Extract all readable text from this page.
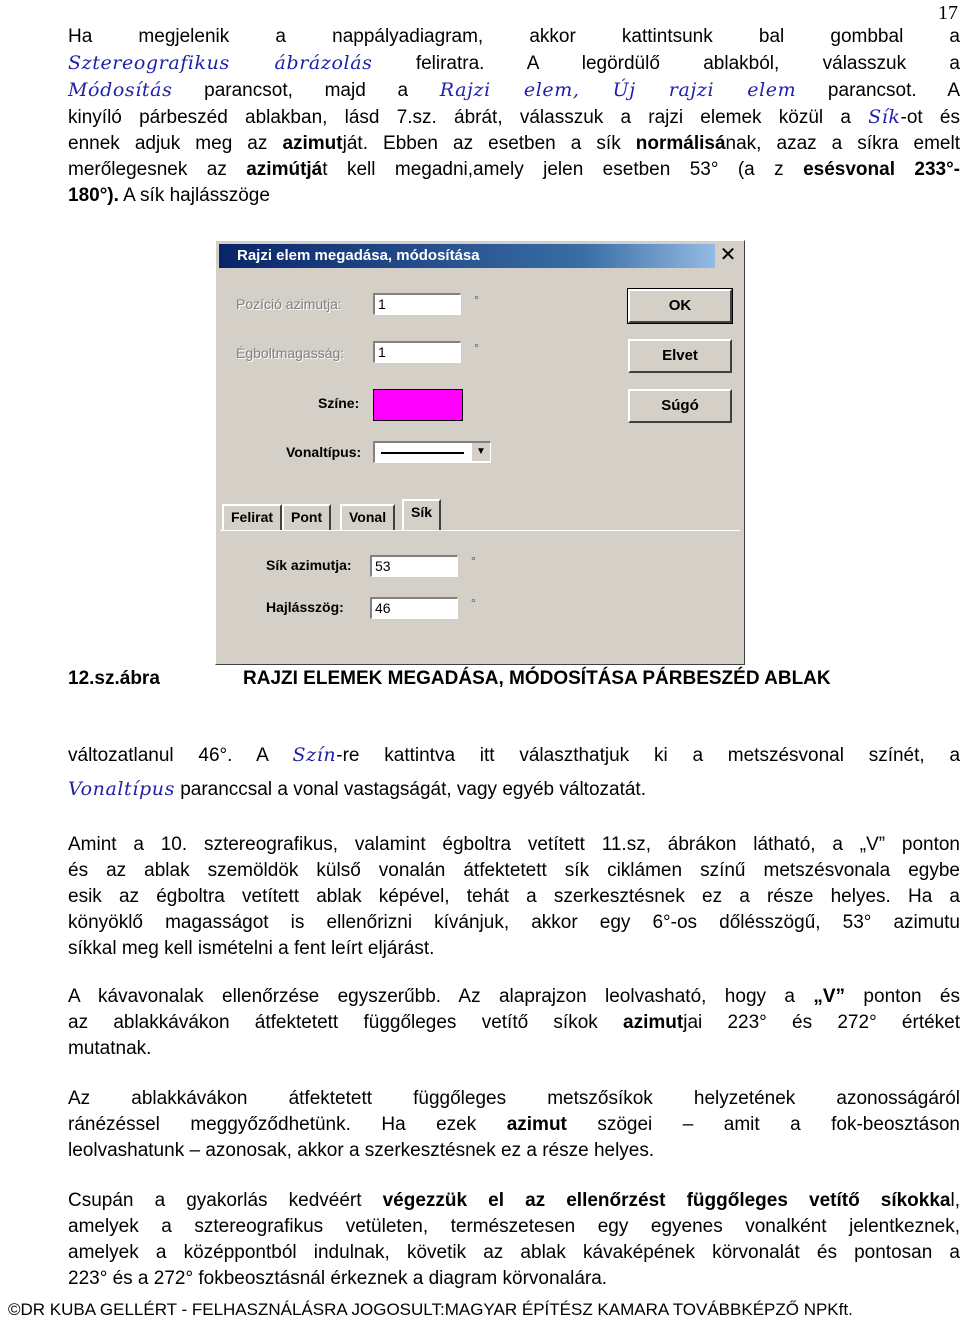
17
Ha megjelenik a nappályadiagram, akkor kattintsunk bal gombbal a
Sztereografikus ábrázolás feliratra. A legördülő ablakból, válasszuk a
Módosítás parancsot, majd a Rajzi elem, Új rajzi elem parancsot. A
kinyíló párbeszéd ablakban, lásd 7.sz. ábrát, válasszuk a rajzi elemek közül a Sík-ot és
ennek adjuk meg az azimutját. Ebben az esetben a sík normálisának, azaz a síkra emelt
merőlegesnek az azimútját kell megadni,amely jelen esetben 53° (a z esésvonal 233°-
180°). A sík hajlásszöge
Rajzi elem megadása, módosítása	✕
Pozíció azimutja:	1	°
Égboltmagasság:	1	°
Színe:
Vonaltípus:	▼
OK
Elvet
Súgó
Felirat	Pont	Vonal	Sík
Sík azimutja:	53	°
Hajlásszög:	46	°
12.sz.ábra	RAJZI ELEMEK MEGADÁSA, MÓDOSÍTÁSA PÁRBESZÉD ABLAK
változatlanul 46°. A Szín-re kattintva itt választhatjuk ki a metszésvonal színét, a
Vonaltípus paranccsal a vonal vastagságát, vagy egyéb változatát.
Amint a 10. sztereografikus, valamint égboltra vetített 11.sz, ábrákon látható, a „V” ponton
és az ablak szemöldök külső vonalán átfektetett sík ciklámen színű metszésvonala egybe
esik az égboltra vetített ablak képével, tehát a szerkesztésnek ez a része helyes. Ha a
könyöklő magasságot is ellenőrizni kívánjuk, akkor egy 6°-os dőlésszögű, 53° azimutu
síkkal meg kell ismételni a fent leírt eljárást.
A kávavonalak ellenőrzése egyszerűbb. Az alaprajzon leolvasható, hogy a „V” ponton és
az ablakkávákon átfektetett függőleges vetítő síkok azimutjai 223° és 272° értéket
mutatnak.
Az ablakkávákon átfektetett függőleges metszősíkok helyzetének azonosságáról
ránézéssel meggyőződhetünk. Ha ezek azimut szögei – amit a fok-beosztáson
leolvashatunk – azonosak, akkor a szerkesztésnek ez a része helyes.
Csupán a gyakorlás kedvéért végezzük el az ellenőrzést függőleges vetítő síkokkal,
amelyek a sztereografikus vetületen, természetesen egy egyenes vonalként jelentkeznek,
amelyek a középpontból indulnak, követik az ablak kávaképének körvonalát és pontosan a
223° és a 272° fokbeosztásnál érkeznek a diagram körvonalára.
©DR KUBA GELLÉRT - FELHASZNÁLÁSRA JOGOSULT:MAGYAR ÉPÍTÉSZ KAMARA TOVÁBBKÉPZŐ NPKft.
